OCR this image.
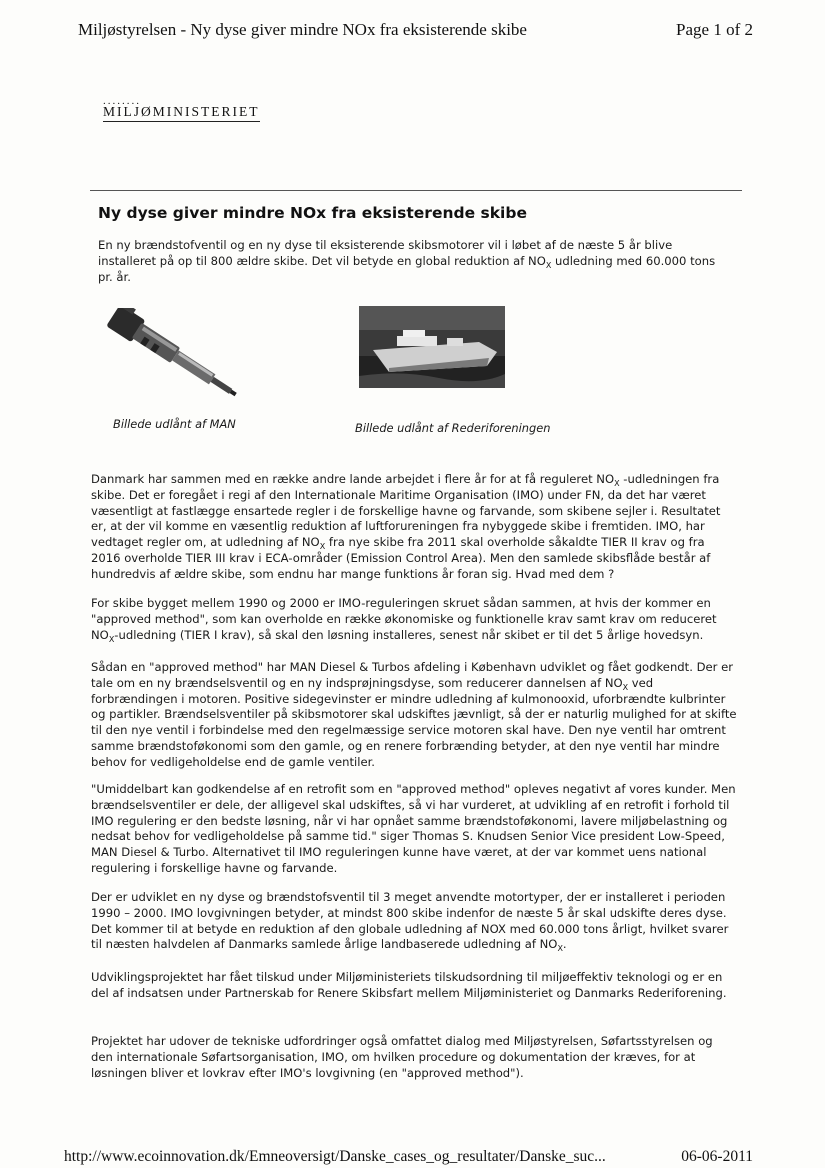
Miljøstyrelsen - Ny dyse giver mindre NOx fra eksisterende skibe	Page 1 of 2
........
MILJØMINISTERIET
Ny dyse giver mindre NOx fra eksisterende skibe

En ny brændstofventil og en ny dyse til eksisterende skibsmotorer vil i løbet af de næste 5 år blive installeret på op til 800 ældre skibe. Det vil betyde en global reduktion af $NO_X$ udledning med 60.000 tons pr. år.

Billede udlånt af MAN	Billede udlånt af Rederiforeningen

Danmark har sammen med en række andre lande arbejdet i flere år for at få reguleret $NO_X$ -udledningen fra skibe. Det er foregået i regi af den Internationale Maritime Organisation (IMO) under FN, da det har været væsentligt at fastlægge ensartede regler i de forskellige havne og farvande, som skibene sejler i. Resultatet er, at der vil komme en væsentlig reduktion af luftforureningen fra nybyggede skibe i fremtiden. IMO, har vedtaget regler om, at udledning af $NO_X$ fra nye skibe fra 2011 skal overholde såkaldte TIER II krav og fra 2016 overholde TIER III krav i ECA-områder (Emission Control Area). Men den samlede skibsflåde består af hundredvis af ældre skibe, som endnu har mange funktions år foran sig. Hvad med dem ?

For skibe bygget mellem 1990 og 2000 er IMO-reguleringen skruet sådan sammen, at hvis der kommer en "approved method", som kan overholde en række økonomiske og funktionelle krav samt krav om reduceret $NO_X$-udledning (TIER I krav), så skal den løsning installeres, senest når skibet er til det 5 årlige hovedsyn.

Sådan en "approved method" har MAN Diesel & Turbos afdeling i København udviklet og fået godkendt. Der er tale om en ny brændselsventil og en ny indsprøjningsdyse, som reducerer dannelsen af $NO_X$ ved forbrændingen i motoren. Positive sidegevinster er mindre udledning af kulmonooxid, uforbrændte kulbrinter og partikler. Brændselsventiler på skibsmotorer skal udskiftes jævnligt, så der er naturlig mulighed for at skifte til den nye ventil i forbindelse med den regelmæssige service motoren skal have. Den nye ventil har omtrent samme brændstoføkonomi som den gamle, og en renere forbrænding betyder, at den nye ventil har mindre behov for vedligeholdelse end de gamle ventiler.

"Umiddelbart kan godkendelse af en retrofit som en "approved method" opleves negativt af vores kunder. Men brændselsventiler er dele, der alligevel skal udskiftes, så vi har vurderet, at udvikling af en retrofit i forhold til IMO regulering er den bedste løsning, når vi har opnået samme brændstoføkonomi, lavere miljøbelastning og nedsat behov for vedligeholdelse på samme tid." siger Thomas S. Knudsen Senior Vice president Low-Speed, MAN Diesel & Turbo. Alternativet til IMO reguleringen kunne have været, at der var kommet uens national regulering i forskellige havne og farvande.

Der er udviklet en ny dyse og brændstofsventil til 3 meget anvendte motortyper, der er installeret i perioden 1990 – 2000. IMO lovgivningen betyder, at mindst 800 skibe indenfor de næste 5 år skal udskifte deres dyse. Det kommer til at betyde en reduktion af den globale udledning af NOX med 60.000 tons årligt, hvilket svarer til næsten halvdelen af Danmarks samlede årlige landbaserede udledning af $NO_X$.

Udviklingsprojektet har fået tilskud under Miljøministeriets tilskudsordning til miljøeffektiv teknologi og er en del af indsatsen under Partnerskab for Renere Skibsfart mellem Miljøministeriet og Danmarks Rederiforening.

Projektet har udover de tekniske udfordringer også omfattet dialog med Miljøstyrelsen, Søfartsstyrelsen og den internationale Søfartsorganisation, IMO, om hvilken procedure og dokumentation der kræves, for at løsningen bliver et lovkrav efter IMO's lovgivning (en "approved method").

http://www.ecoinnovation.dk/Emneoversigt/Danske_cases_og_resultater/Danske_suc...	06-06-2011
